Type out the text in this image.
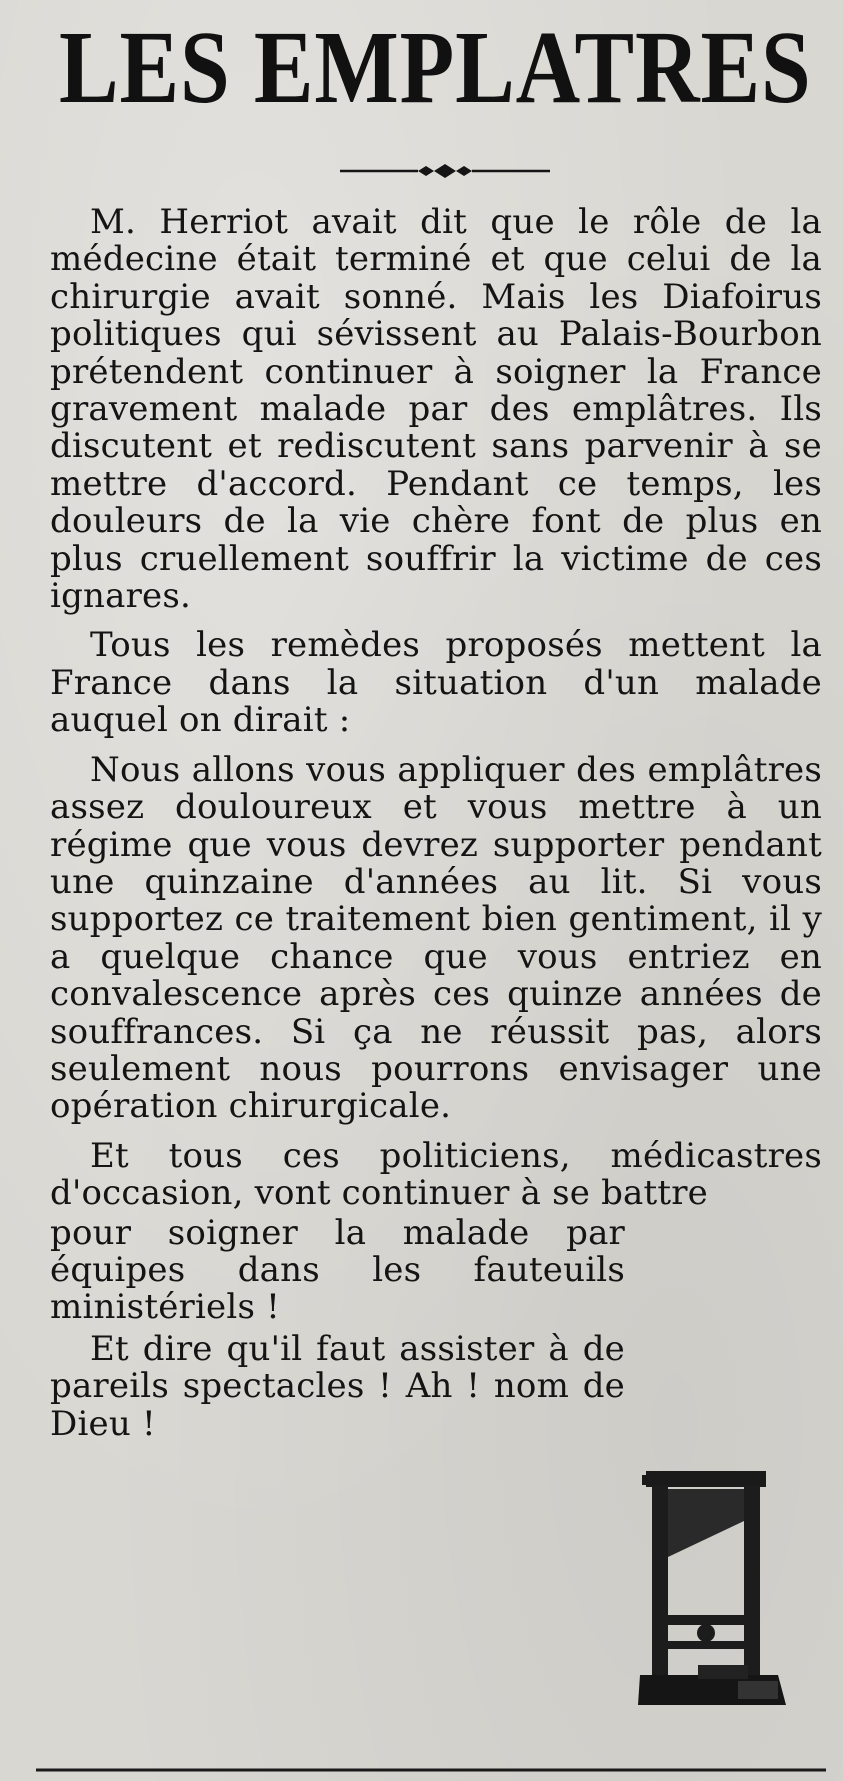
LES EMPLATRES

M. Herriot avait dit que le rôle de la médecine était terminé et que celui de la chirurgie avait sonné. Mais les Diafoirus politiques qui sévissent au Palais-Bourbon prétendent continuer à soigner la France gravement malade par des emplâtres. Ils discutent et rediscutent sans parvenir à se mettre d'accord. Pendant ce temps, les douleurs de la vie chère font de plus en plus cruellement souffrir la victime de ces ignares.

Tous les remèdes proposés mettent la France dans la situation d'un malade auquel on dirait :

Nous allons vous appliquer des emplâtres assez douloureux et vous mettre à un régime que vous devrez supporter pendant une quinzaine d'années au lit. Si vous supportez ce traitement bien gentiment, il y a quelque chance que vous entriez en convalescence après ces quinze années de souffrances. Si ça ne réussit pas, alors seulement nous pourrons envisager une opération chirurgicale.

Et tous ces politiciens, médicastres d'occasion, vont continuer à se battre

pour soigner la malade par équipes dans les fauteuils ministériels !

Et dire qu'il faut assister à de pareils spectacles ! Ah ! nom de Dieu !
